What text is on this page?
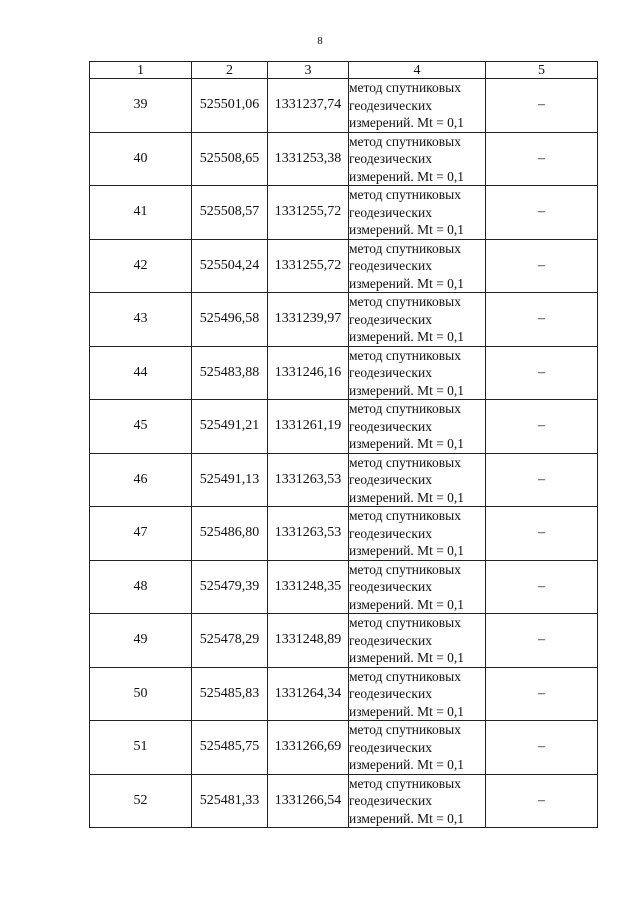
8
1	2	3	4	5
39	525501,06	1331237,74	метод спутниковых
геодезических
измерений. Mt = 0,1	–
40	525508,65	1331253,38	метод спутниковых
геодезических
измерений. Mt = 0,1	–
41	525508,57	1331255,72	метод спутниковых
геодезических
измерений. Mt = 0,1	–
42	525504,24	1331255,72	метод спутниковых
геодезических
измерений. Mt = 0,1	–
43	525496,58	1331239,97	метод спутниковых
геодезических
измерений. Mt = 0,1	–
44	525483,88	1331246,16	метод спутниковых
геодезических
измерений. Mt = 0,1	–
45	525491,21	1331261,19	метод спутниковых
геодезических
измерений. Mt = 0,1	–
46	525491,13	1331263,53	метод спутниковых
геодезических
измерений. Mt = 0,1	–
47	525486,80	1331263,53	метод спутниковых
геодезических
измерений. Mt = 0,1	–
48	525479,39	1331248,35	метод спутниковых
геодезических
измерений. Mt = 0,1	–
49	525478,29	1331248,89	метод спутниковых
геодезических
измерений. Mt = 0,1	–
50	525485,83	1331264,34	метод спутниковых
геодезических
измерений. Mt = 0,1	–
51	525485,75	1331266,69	метод спутниковых
геодезических
измерений. Mt = 0,1	–
52	525481,33	1331266,54	метод спутниковых
геодезических
измерений. Mt = 0,1	–
